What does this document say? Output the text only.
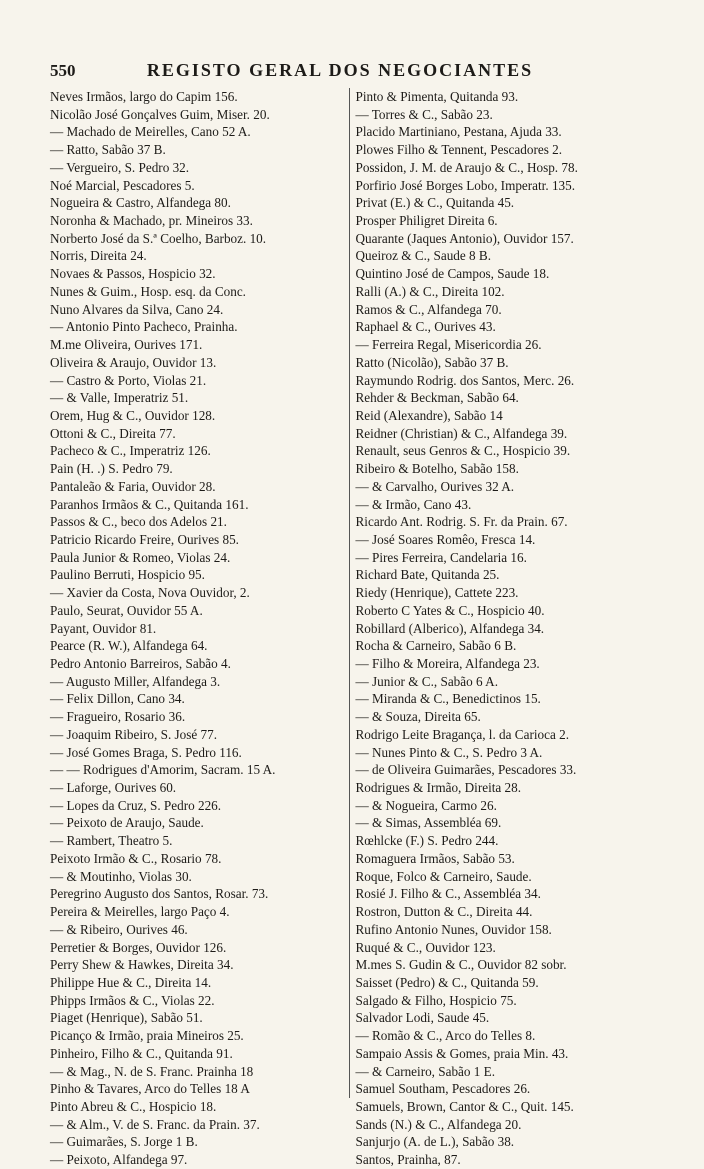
550	REGISTO GERAL DOS NEGOCIANTES
Neves Irmãos, largo do Capim 156.
Nicolão José Gonçalves Guim, Miser. 20.
— Machado de Meirelles, Cano 52 A.
— Ratto, Sabão 37 B.
— Vergueiro, S. Pedro 32.
Noé Marcial, Pescadores 5.
Nogueira & Castro, Alfandega 80.
Noronha & Machado, pr. Mineiros 33.
Norberto José da S.ª Coelho, Barboz. 10.
Norris, Direita 24.
Novaes & Passos, Hospicio 32.
Nunes & Guim., Hosp. esq. da Conc.
Nuno Alvares da Silva, Cano 24.
— Antonio Pinto Pacheco, Prainha.
M.me Oliveira, Ourives 171.
Oliveira & Araujo, Ouvidor 13.
— Castro & Porto, Violas 21.
— & Valle, Imperatriz 51.
Orem, Hug & C., Ouvidor 128.
Ottoni & C., Direita 77.
Pacheco & C., Imperatriz 126.
Pain (H. .) S. Pedro 79.
Pantaleão & Faria, Ouvidor 28.
Paranhos Irmãos & C., Quitanda 161.
Passos & C., beco dos Adelos 21.
Patricio Ricardo Freire, Ourives 85.
Paula Junior & Romeo, Violas 24.
Paulino Berruti, Hospicio 95.
— Xavier da Costa, Nova Ouvidor, 2.
Paulo, Seurat, Ouvidor 55 A.
Payant, Ouvidor 81.
Pearce (R. W.), Alfandega 64.
Pedro Antonio Barreiros, Sabão 4.
— Augusto Miller, Alfandega 3.
— Felix Dillon, Cano 34.
— Fragueiro, Rosario 36.
— Joaquim Ribeiro, S. José 77.
— José Gomes Braga, S. Pedro 116.
— — Rodrigues d'Amorim, Sacram. 15 A.
— Laforge, Ourives 60.
— Lopes da Cruz, S. Pedro 226.
— Peixoto de Araujo, Saude.
— Rambert, Theatro 5.
Peixoto Irmão & C., Rosario 78.
— & Moutinho, Violas 30.
Peregrino Augusto dos Santos, Rosar. 73.
Pereira & Meirelles, largo Paço 4.
— & Ribeiro, Ourives 46.
Perretier & Borges, Ouvidor 126.
Perry Shew & Hawkes, Direita 34.
Philippe Hue & C., Direita 14.
Phipps Irmãos & C., Violas 22.
Piaget (Henrique), Sabão 51.
Picanço & Irmão, praia Mineiros 25.
Pinheiro, Filho & C., Quitanda 91.
— & Mag., N. de S. Franc. Prainha 18
Pinho & Tavares, Arco do Telles 18 A
Pinto Abreu & C., Hospicio 18.
— & Alm., V. de S. Franc. da Prain. 37.
— Guimarães, S. Jorge 1 B.
— Peixoto, Alfandega 97.
Pinto & Pimenta, Quitanda 93.
— Torres & C., Sabão 23.
Placido Martiniano, Pestana, Ajuda 33.
Plowes Filho & Tennent, Pescadores 2.
Possidon, J. M. de Araujo & C., Hosp. 78.
Porfirio José Borges Lobo, Imperatr. 135.
Privat (E.) & C., Quitanda 45.
Prosper Philigret Direita 6.
Quarante (Jaques Antonio), Ouvidor 157.
Queiroz & C., Saude 8 B.
Quintino José de Campos, Saude 18.
Ralli (A.) & C., Direita 102.
Ramos & C., Alfandega 70.
Raphael & C., Ourives 43.
— Ferreira Regal, Misericordia 26.
Ratto (Nicolão), Sabão 37 B.
Raymundo Rodrig. dos Santos, Merc. 26.
Rehder & Beckman, Sabão 64.
Reid (Alexandre), Sabão 14
Reidner (Christian) & C., Alfandega 39.
Renault, seus Genros & C., Hospicio 39.
Ribeiro & Botelho, Sabão 158.
— & Carvalho, Ourives 32 A.
— & Irmão, Cano 43.
Ricardo Ant. Rodrig. S. Fr. da Prain. 67.
— José Soares Romêo, Fresca 14.
— Pires Ferreira, Candelaria 16.
Richard Bate, Quitanda 25.
Riedy (Henrique), Cattete 223.
Roberto C Yates & C., Hospicio 40.
Robillard (Alberico), Alfandega 34.
Rocha & Carneiro, Sabão 6 B.
— Filho & Moreira, Alfandega 23.
— Junior & C., Sabão 6 A.
— Miranda & C., Benedictinos 15.
— & Souza, Direita 65.
Rodrigo Leite Bragança, l. da Carioca 2.
— Nunes Pinto & C., S. Pedro 3 A.
— de Oliveira Guimarães, Pescadores 33.
Rodrigues & Irmão, Direita 28.
— & Nogueira, Carmo 26.
— & Simas, Assembléa 69.
Rœhlcke (F.) S. Pedro 244.
Romaguera Irmãos, Sabão 53.
Roque, Folco & Carneiro, Saude.
Rosié J. Filho & C., Assembléa 34.
Rostron, Dutton & C., Direita 44.
Rufino Antonio Nunes, Ouvidor 158.
Ruqué & C., Ouvidor 123.
M.mes S. Gudin & C., Ouvidor 82 sobr.
Saisset (Pedro) & C., Quitanda 59.
Salgado & Filho, Hospicio 75.
Salvador Lodi, Saude 45.
— Romão & C., Arco do Telles 8.
Sampaio Assis & Gomes, praia Min. 43.
— & Carneiro, Sabão 1 E.
Samuel Southam, Pescadores 26.
Samuels, Brown, Cantor & C., Quit. 145.
Sands (N.) & C., Alfandega 20.
Sanjurjo (A. de L.), Sabão 38.
Santos, Prainha, 87.
